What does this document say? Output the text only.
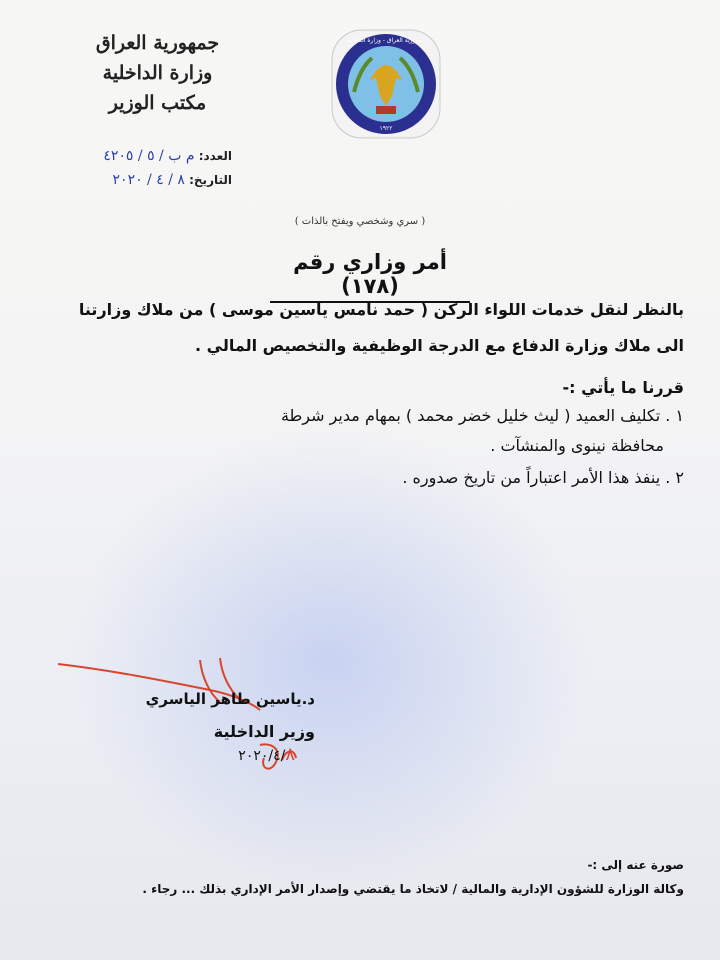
جمهورية العراق
وزارة الداخلية
مكتب الوزير
جمهورية العراق - وزارة الداخلية
١٩٢٢
العدد: م ب / ٥ / ٤٢٠٥
التاريخ: ٨ / ٤ / ٢٠٢٠
( سري وشخصي ويفتح بالذات )
أمر وزاري رقم (١٧٨)
بالنظر لنقل خدمات اللواء الركن ( حمد نامس ياسين موسى ) من ملاك وزارتنا
الى ملاك وزارة الدفاع مع الدرجة الوظيفية والتخصيص المالي .
قررنا ما يأتي :-
١ . تكليف العميد ( ليث خليل خضر محمد ) بمهام مدير شرطة
محافظة نينوى والمنشآت .
٢ . ينفذ هذا الأمر اعتباراً من تاريخ صدوره .
د.ياسين طاهر الياسري
وزير الداخلية
٢٠٢٠/٤/٨
صورة عنه إلى :-
وكالة الوزارة للشؤون الإدارية والمالية / لاتخاذ ما يقتضي وإصدار الأمر الإداري بذلك ... رجاء .
